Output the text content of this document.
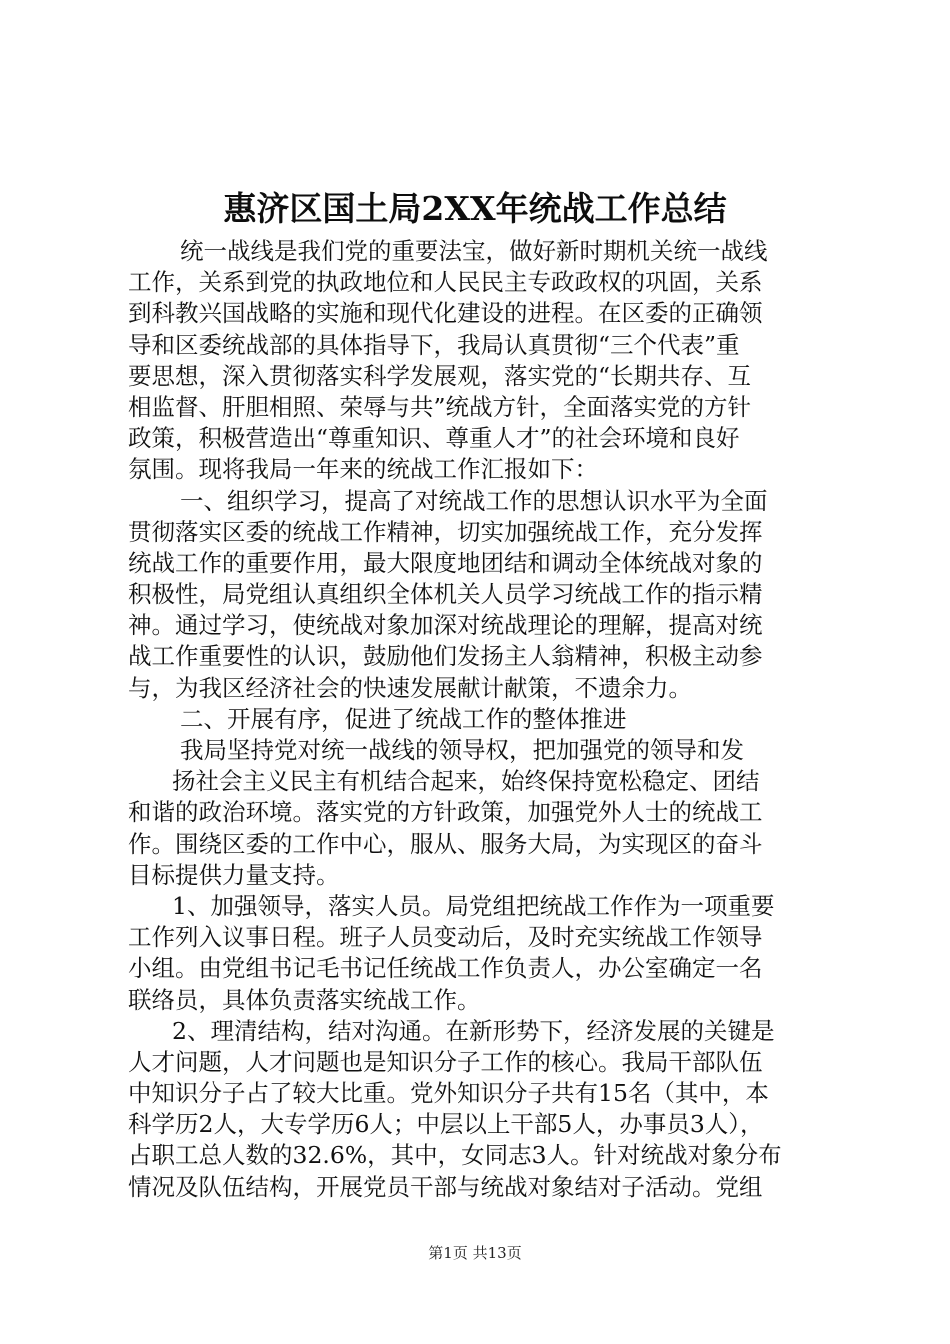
惠济区国土局2XX年统战工作总结
统一战线是我们党的重要法宝，做好新时期机关统一战线
工作，关系到党的执政地位和人民民主专政政权的巩固，关系
到科教兴国战略的实施和现代化建设的进程。在区委的正确领
导和区委统战部的具体指导下，我局认真贯彻“三个代表”重
要思想，深入贯彻落实科学发展观，落实党的“长期共存、互
相监督、肝胆相照、荣辱与共”统战方针，全面落实党的方针
政策，积极营造出“尊重知识、尊重人才”的社会环境和良好
氛围。现将我局一年来的统战工作汇报如下：
一、组织学习，提高了对统战工作的思想认识水平为全面
贯彻落实区委的统战工作精神，切实加强统战工作，充分发挥
统战工作的重要作用，最大限度地团结和调动全体统战对象的
积极性，局党组认真组织全体机关人员学习统战工作的指示精
神。通过学习，使统战对象加深对统战理论的理解，提高对统
战工作重要性的认识，鼓励他们发扬主人翁精神，积极主动参
与，为我区经济社会的快速发展献计献策，不遗余力。
二、开展有序，促进了统战工作的整体推进
我局坚持党对统一战线的领导权，把加强党的领导和发
扬社会主义民主有机结合起来，始终保持宽松稳定、团结
和谐的政治环境。落实党的方针政策，加强党外人士的统战工
作。围绕区委的工作中心，服从、服务大局，为实现区的奋斗
目标提供力量支持。
1、加强领导，落实人员。局党组把统战工作作为一项重要
工作列入议事日程。班子人员变动后，及时充实统战工作领导
小组。由党组书记毛书记任统战工作负责人，办公室确定一名
联络员，具体负责落实统战工作。
2、理清结构，结对沟通。在新形势下，经济发展的关键是
人才问题，人才问题也是知识分子工作的核心。我局干部队伍
中知识分子占了较大比重。党外知识分子共有15名（其中，本
科学历2人，大专学历6人；中层以上干部5人，办事员3人），
占职工总人数的32.6%，其中，女同志3人。针对统战对象分布
情况及队伍结构，开展党员干部与统战对象结对子活动。党组
第1页 共13页
